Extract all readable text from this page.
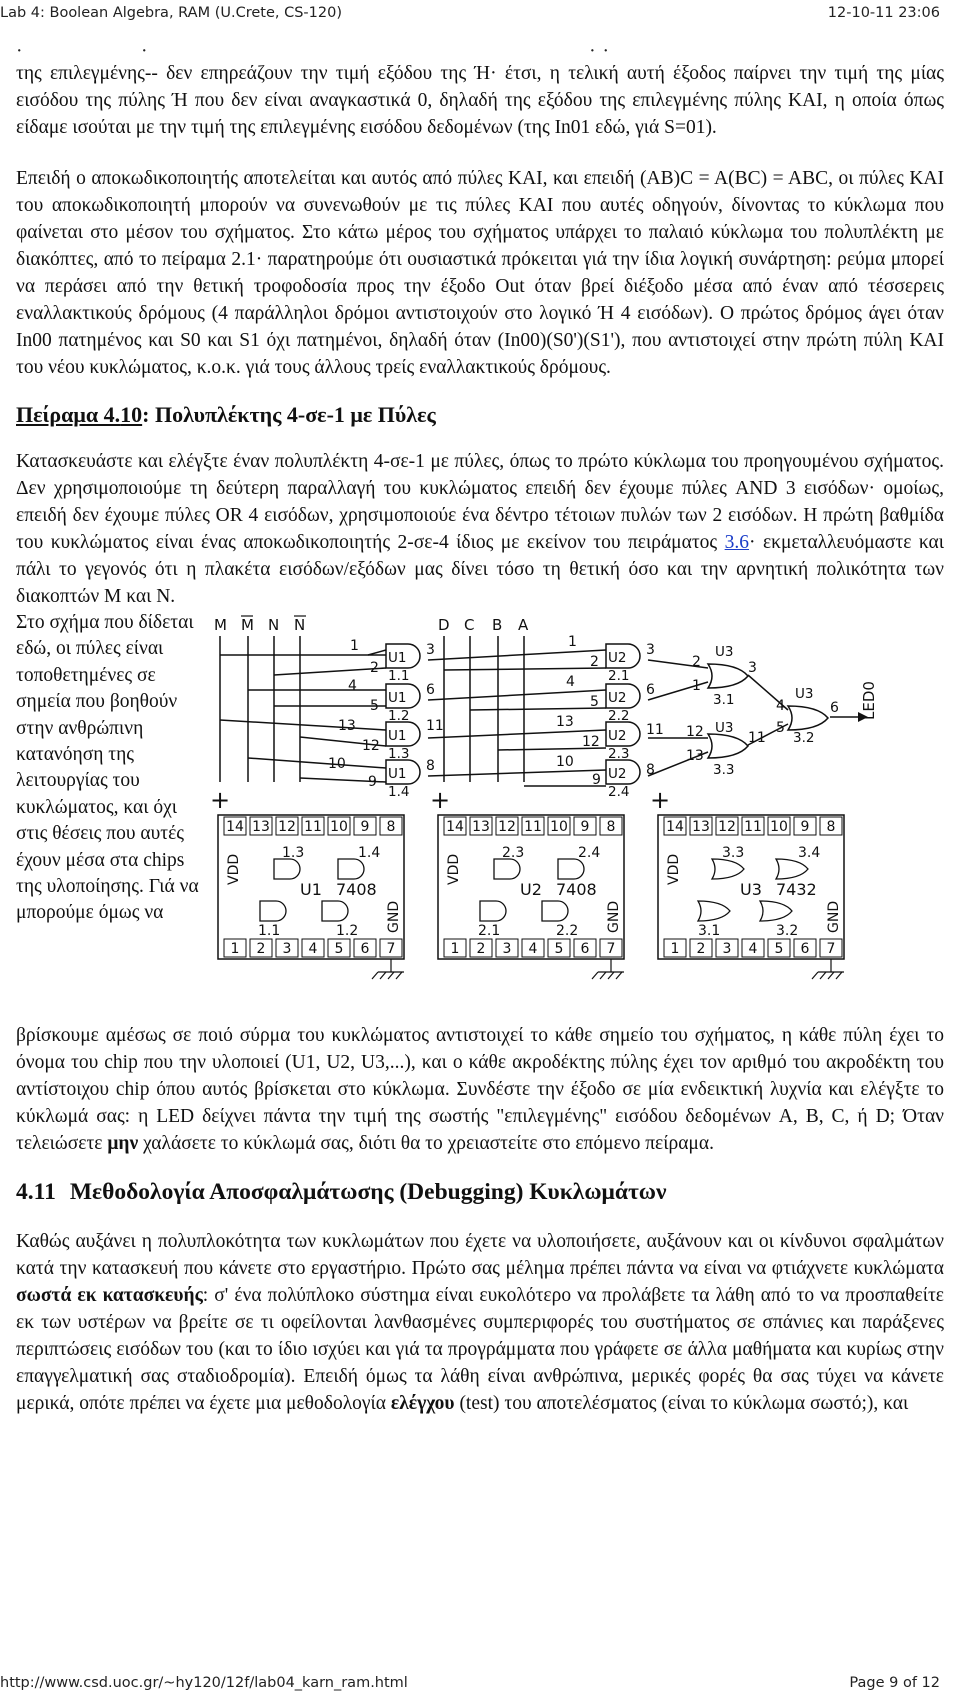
Lab 4: Boolean Algebra, RAM (U.Crete, CS-120)	12-10-11 23:06
·                    ·                                                                           · ·

της επιλεγμένης-- δεν επηρεάζουν την τιμή εξόδου της Ή· έτσι, η τελική αυτή έξοδος παίρνει την τιμή της μίας εισόδου της πύλης Ή που δεν είναι αναγκαστικά 0, δηλαδή της εξόδου της επιλεγμένης πύλης ΚΑΙ, η οποία όπως είδαμε ισούται με την τιμή της επιλεγμένης εισόδου δεδομένων (της In01 εδώ, γιά S=01).

Επειδή ο αποκωδικοποιητής αποτελείται και αυτός από πύλες ΚΑΙ, και επειδή (AB)C = A(BC) = ABC, οι πύλες ΚΑΙ του αποκωδικοποιητή μπορούν να συνενωθούν με τις πύλες ΚΑΙ που αυτές οδηγούν, δίνοντας το κύκλωμα που φαίνεται στο μέσον του σχήματος. Στο κάτω μέρος του σχήματος υπάρχει το παλαιό κύκλωμα του πολυπλέκτη με διακόπτες, από το πείραμα 2.1· παρατηρούμε ότι ουσιαστικά πρόκειται γιά την ίδια λογική συνάρτηση: ρεύμα μπορεί να περάσει από την θετική τροφοδοσία προς την έξοδο Out όταν βρεί διέξοδο μέσα από έναν από τέσσερεις εναλλακτικούς δρόμους (4 παράλληλοι δρόμοι αντιστοιχούν στο λογικό Ή 4 εισόδων). Ο πρώτος δρόμος άγει όταν In00 πατημένος και S0 και S1 όχι πατημένοι, δηλαδή όταν (In00)(S0')(S1'), που αντιστοιχεί στην πρώτη πύλη ΚΑΙ του νέου κυκλώματος, κ.ο.κ. γιά τους άλλους τρείς εναλλακτικούς δρόμους.

Πείραμα 4.10: Πολυπλέκτης 4-σε-1 με Πύλες

Κατασκευάστε και ελέγξτε έναν πολυπλέκτη 4-σε-1 με πύλες, όπως το πρώτο κύκλωμα του προηγουμένου σχήματος. Δεν χρησιμοποιούμε τη δεύτερη παραλλαγή του κυκλώματος επειδή δεν έχουμε πύλες AND 3 εισόδων· ομοίως, επειδή δεν έχουμε πύλες OR 4 εισόδων, χρησιμοποιούε ένα δέντρο τέτοιων πυλών των 2 εισόδων. Η πρώτη βαθμίδα του κυκλώματος είναι ένας αποκωδικοποιητής 2-σε-4 ίδιος με εκείνον του πειράματος 3.6· εκμεταλλευόμαστε και πάλι το γεγονός ότι η πλακέτα εισόδων/εξόδων μας δίνει τόσο τη θετική όσο και την αρνητική πολικότητα των διακοπτών M και N.

Στο σχήμα που δίδεται εδώ, οι πύλες είναι τοποθετημένες σε σημεία που βοηθούν στην ανθρώπινη κατανόηση της λειτουργίας του κυκλώματος, και όχι στις θέσεις που αυτές έχουν μέσα στα chips της υλοποίησης. Γιά να μπορούμε όμως να
M M N N	D C B A
LED0
U1
U1
U1
U1
U2
U2
U2
U2
U3
U3
U3
1.1
1.2
1.3
1.4
2.1
2.2
2.3
2.4
3.1
3.3
3.2
1
2
3
4
5
6
13
12
11
10
9
8
1
2
3
4
5
6
13
12
11
10
9
8
2
1
3
12
13
11
4
5
6
+
14 13 12 11 10 9 8
1 2 3 4 5 6 7
1.3	1.4
1.1	1.2
U1 7408
VDD
GND
+
14 13 12 11 10 9 8
1 2 3 4 5 6 7
2.3	2.4
2.1	2.2
U2 7408
VDD
GND
+
14 13 12 11 10 9 8
1 2 3 4 5 6 7
3.3	3.4
3.1	3.2
U3 7432
VDD
GND

βρίσκουμε αμέσως σε ποιό σύρμα του κυκλώματος αντιστοιχεί το κάθε σημείο του σχήματος, η κάθε πύλη έχει το όνομα του chip που την υλοποιεί (U1, U2, U3,...), και ο κάθε ακροδέκτης πύλης έχει τον αριθμό του ακροδέκτη του αντίστοιχου chip όπου αυτός βρίσκεται στο κύκλωμα. Συνδέστε την έξοδο σε μία ενδεικτική λυχνία και ελέγξτε το κύκλωμά σας: η LED δείχνει πάντα την τιμή της σωστής "επιλεγμένης" εισόδου δεδομένων A, B, C, ή D; Όταν τελειώσετε μην χαλάσετε το κύκλωμά σας, διότι θα το χρειαστείτε στο επόμενο πείραμα.

4.11 Μεθοδολογία Αποσφαλμάτωσης (Debugging) Κυκλωμάτων

Καθώς αυξάνει η πολυπλοκότητα των κυκλωμάτων που έχετε να υλοποιήσετε, αυξάνουν και οι κίνδυνοι σφαλμάτων κατά την κατασκευή που κάνετε στο εργαστήριο. Πρώτο σας μέλημα πρέπει πάντα να είναι να φτιάχνετε κυκλώματα σωστά εκ κατασκευής: σ' ένα πολύπλοκο σύστημα είναι ευκολότερο να προλάβετε τα λάθη από το να προσπαθείτε εκ των υστέρων να βρείτε σε τι οφείλονται λανθασμένες συμπεριφορές του συστήματος σε σπάνιες και παράξενες περιπτώσεις εισόδων του (και το ίδιο ισχύει και γιά τα προγράμματα που γράφετε σε άλλα μαθήματα και κυρίως στην επαγγελματική σας σταδιοδρομία). Επειδή όμως τα λάθη είναι ανθρώπινα, μερικές φορές θα σας τύχει να κάνετε μερικά, οπότε πρέπει να έχετε μια μεθοδολογία ελέγχου (test) του αποτελέσματος (είναι το κύκλωμα σωστό;), και

http://www.csd.uoc.gr/~hy120/12f/lab04_karn_ram.html	Page 9 of 12
